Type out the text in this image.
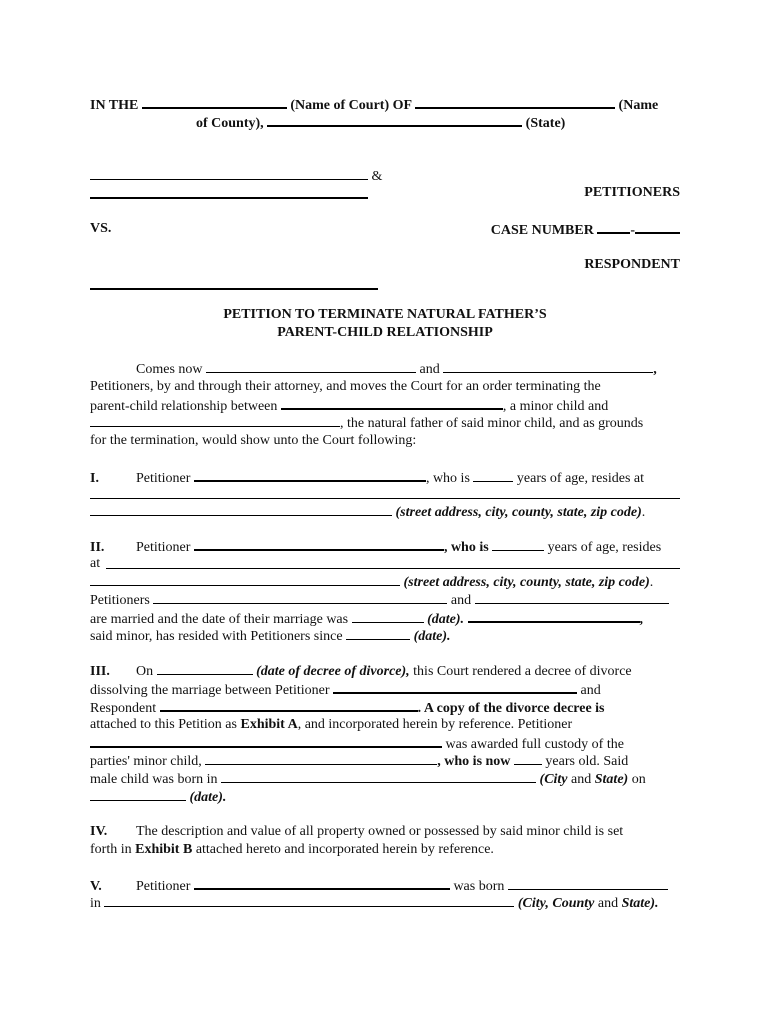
IN THE	(Name of Court) OF	(Name
of County),	(State)
&
PETITIONERS
VS.	CASE NUMBER	-
RESPONDENT
PETITION TO TERMINATE NATURAL FATHER’S
PARENT-CHILD RELATIONSHIP
Comes now	and	,
Petitioners, by and through their attorney, and moves the Court for an order terminating the
parent-child relationship between	, a minor child and
, the natural father of said minor child, and as grounds
for the termination, would show unto the Court following:
I.	Petitioner	, who is	years of age, resides at
(street address, city, county, state, zip code).
II. Petitioner	, who is	years of age, resides
at
(street address, city, county, state, zip code).
Petitioners	and
are married and the date of their marriage was	(date).	,
said minor, has resided with Petitioners since	(date).
III. On	(date of decree of divorce), this Court rendered a decree of divorce
dissolving the marriage between Petitioner	and
Respondent	. A copy of the divorce decree is
attached to this Petition as Exhibit A, and incorporated herein by reference. Petitioner
was awarded full custody of the
parties' minor child,	, who is now	years old. Said
male child was born in	(City and State) on
(date).
IV. The description and value of all property owned or possessed by said minor child is set
forth in Exhibit B attached hereto and incorporated herein by reference.
V. Petitioner	was born
in	(City, County and State).
